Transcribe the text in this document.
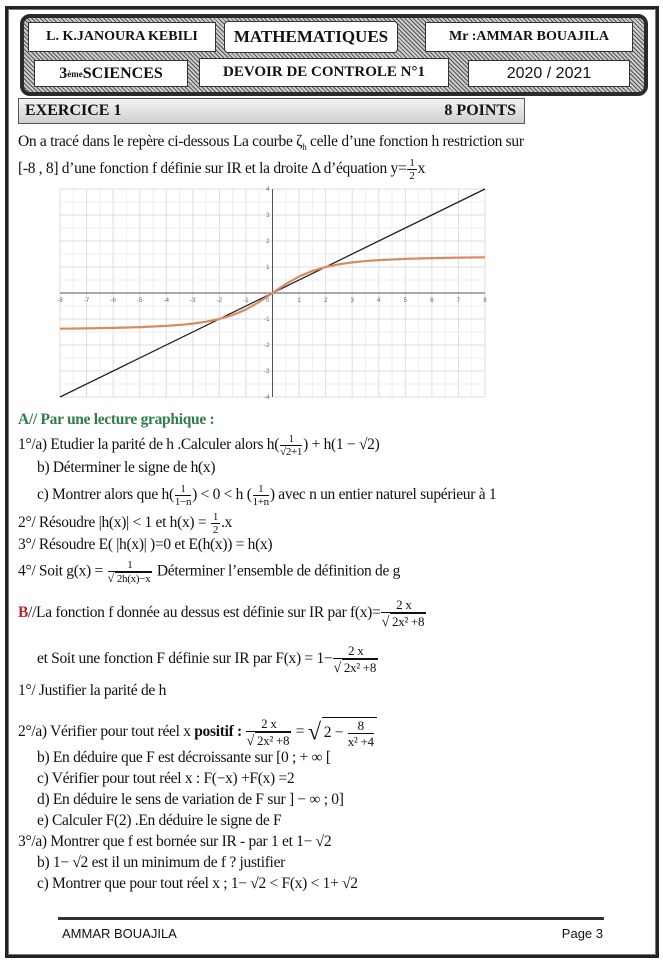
L. K.JANOURA KEBILI	MATHEMATIQUES	Mr :AMMAR BOUAJILA
3 ème SCIENCES	DEVOIR DE CONTROLE N°1	2020 / 2021
EXERCICE 1	8 POINTS
On a tracé dans le repère ci-dessous La courbe $\zeta_h$ celle d’une fonction h restriction sur
[-8 , 8] d’une fonction f définie sur IR et la droite Δ d’équation $y= \frac{1}{2}$ x
-8	-7	-6	-5	-4	-3	-2	-1	0	1	2	3	4	5	6	7	8
-4
-3
-2
-1
1
2
3
4
A// Par une lecture graphique :
1°/a) Etudier la parité de h .Calculer alors $h( \frac{1}{√2+1}$ ) + h(1 − √2)
b) Déterminer le signe de h(x)
c) Montrer alors que $h( \frac{1}{1-n}$ ) < 0 < h ( $\frac{1}{1+n}$ ) avec n un entier naturel supérieur à 1
2°/ Résoudre |h(x)| < 1 et $h(x) = \frac{1}{2} .x$
3°/ Résoudre E( |h(x)| )=0 et E(h(x)) = h(x)
4°/ Soit $g(x) = \frac{1}{√ 2h(x)-x}$ Déterminer l’ensemble de définition de g
B//La fonction f donnée au dessus est définie sur IR par $f(x)= \frac{2 x}{\text{√ 2x² +8}}$
et Soit une fonction F définie sur IR par $F(x) = 1- \frac{2 x}{\text{√ 2x² +8}}$
1°/ Justifier la parité de h
2°/a) Vérifier pour tout réel x positif : $\frac{2 x}{\text{√ 2x² +8}}$ = √ $2 - \frac{8}{\text{x² +4}}$
b) En déduire que F est décroissante sur [0 ; + ∞ [
c) Vérifier pour tout réel x : F(−x) +F(x) =2
d) En déduire le sens de variation de F sur ] − ∞ ; 0]
e) Calculer F(2) .En déduire le signe de F
3°/a) Montrer que f est bornée sur IR - par 1 et 1− √2
b) 1− √2 est il un minimum de f ? justifier
c) Montrer que pour tout réel x ; 1− √2 < F(x) < 1+ √2
AMMAR BOUAJILA	Page 3
